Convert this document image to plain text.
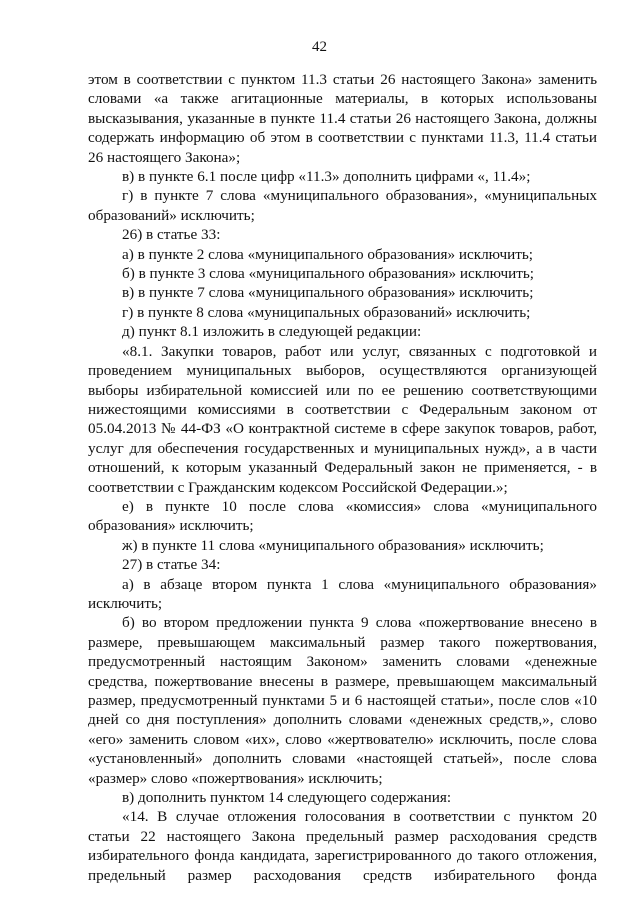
42

этом в соответствии с пунктом 11.3 статьи 26 настоящего Закона» заменить словами «а также агитационные материалы, в которых использованы высказывания, указанные в пункте 11.4 статьи 26 настоящего Закона, должны содержать информацию об этом в соответствии с пунктами 11.3, 11.4 статьи 26 настоящего Закона»;

в) в пункте 6.1 после цифр «11.3» дополнить цифрами «, 11.4»;

г) в пункте 7 слова «муниципального образования», «муниципальных образований» исключить;

26) в статье 33:

а) в пункте 2 слова «муниципального образования» исключить;

б) в пункте 3 слова «муниципального образования» исключить;

в) в пункте 7 слова «муниципального образования» исключить;

г) в пункте 8 слова «муниципальных образований» исключить;

д) пункт 8.1 изложить в следующей редакции:

«8.1. Закупки товаров, работ или услуг, связанных с подготовкой и проведением муниципальных выборов, осуществляются организующей выборы избирательной комиссией или по ее решению соответствующими нижестоящими комиссиями в соответствии с Федеральным законом от 05.04.2013 № 44-ФЗ «О контрактной системе в сфере закупок товаров, работ, услуг для обеспечения государственных и муниципальных нужд», а в части отношений, к которым указанный Федеральный закон не применяется, - в соответствии с Гражданским кодексом Российской Федерации.»;

е) в пункте 10 после слова «комиссия» слова «муниципального образования» исключить;

ж) в пункте 11 слова «муниципального образования» исключить;

27) в статье 34:

а) в абзаце втором пункта 1 слова «муниципального образования» исключить;

б) во втором предложении пункта 9 слова «пожертвование внесено в размере, превышающем максимальный размер такого пожертвования, предусмотренный настоящим Законом» заменить словами «денежные средства, пожертвование внесены в размере, превышающем максимальный размер, предусмотренный пунктами 5 и 6 настоящей статьи», после слов «10 дней со дня поступления» дополнить словами «денежных средств,», слово «его» заменить словом «их», слово «жертвователю» исключить, после слова «установленный» дополнить словами «настоящей статьей», после слова «размер» слово «пожертвования» исключить;

в) дополнить пунктом 14 следующего содержания:

«14. В случае отложения голосования в соответствии с пунктом 20 статьи 22 настоящего Закона предельный размер расходования средств избирательного фонда кандидата, зарегистрированного до такого отложения, предельный размер расходования средств избирательного фонда
